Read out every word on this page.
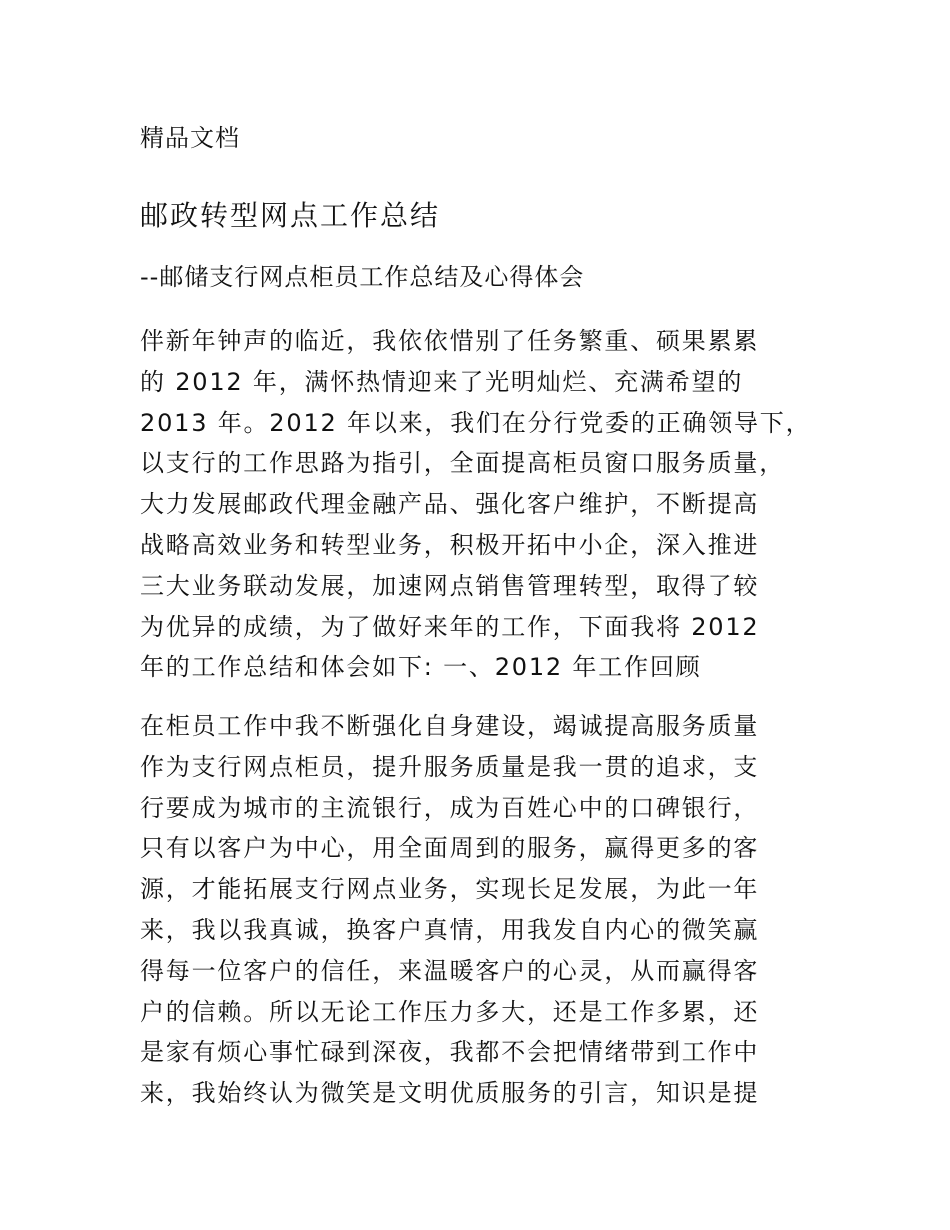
精品文档
邮政转型网点工作总结
--邮储支行网点柜员工作总结及心得体会
伴新年钟声的临近，我依依惜别了任务繁重、硕果累累
的 2012 年，满怀热情迎来了光明灿烂、充满希望的
2013 年。2012 年以来，我们在分行党委的正确领导下，
以支行的工作思路为指引，全面提高柜员窗口服务质量，
大力发展邮政代理金融产品、强化客户维护，不断提高
战略高效业务和转型业务，积极开拓中小企，深入推进
三大业务联动发展，加速网点销售管理转型，取得了较
为优异的成绩，为了做好来年的工作，下面我将 2012
年的工作总结和体会如下: 一、2012 年工作回顾
在柜员工作中我不断强化自身建设，竭诚提高服务质量
作为支行网点柜员，提升服务质量是我一贯的追求，支
行要成为城市的主流银行，成为百姓心中的口碑银行，
只有以客户为中心，用全面周到的服务，赢得更多的客
源，才能拓展支行网点业务，实现长足发展，为此一年
来，我以我真诚，换客户真情，用我发自内心的微笑赢
得每一位客户的信任，来温暖客户的心灵，从而赢得客
户的信赖。所以无论工作压力多大，还是工作多累，还
是家有烦心事忙碌到深夜，我都不会把情绪带到工作中
来，我始终认为微笑是文明优质服务的引言，知识是提
